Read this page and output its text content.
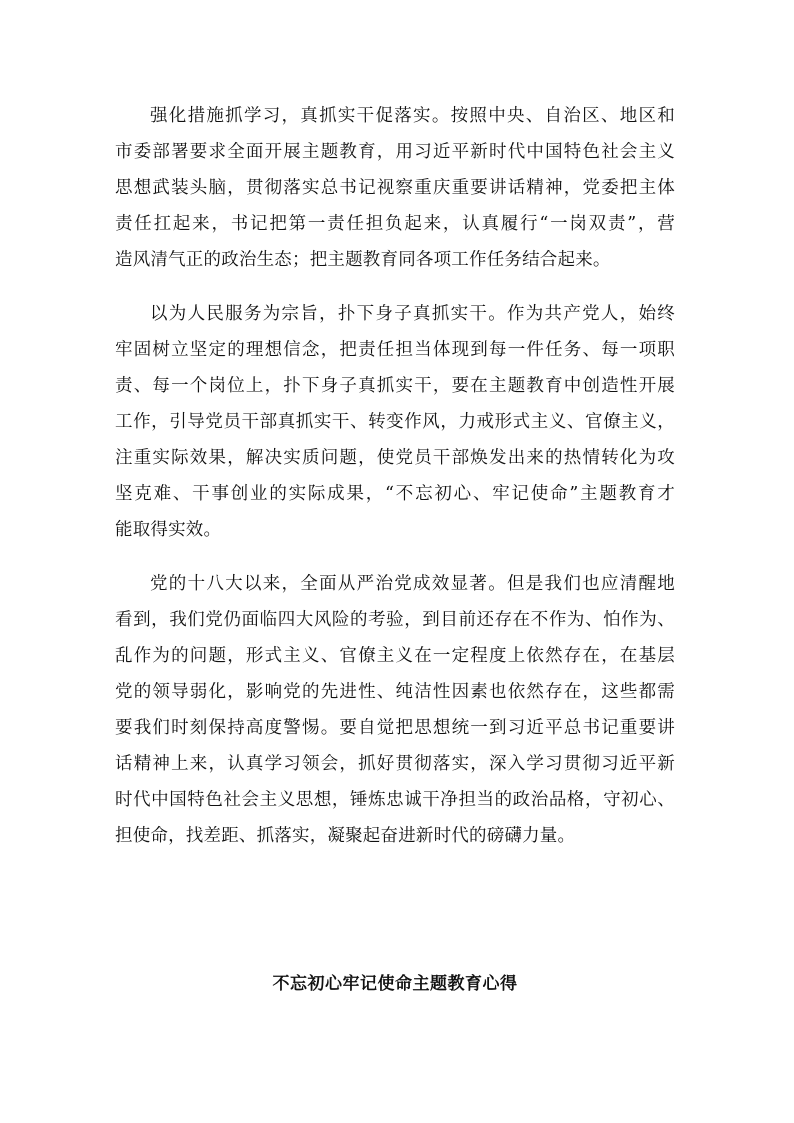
强化措施抓学习，真抓实干促落实。按照中央、自治区、地区和
市委部署要求全面开展主题教育，用习近平新时代中国特色社会主义
思想武装头脑，贯彻落实总书记视察重庆重要讲话精神，党委把主体
责任扛起来，书记把第一责任担负起来，认真履行“一岗双责”，营
造风清气正的政治生态；把主题教育同各项工作任务结合起来。
以为人民服务为宗旨，扑下身子真抓实干。作为共产党人，始终
牢固树立坚定的理想信念，把责任担当体现到每一件任务、每一项职
责、每一个岗位上，扑下身子真抓实干，要在主题教育中创造性开展
工作，引导党员干部真抓实干、转变作风，力戒形式主义、官僚主义，
注重实际效果，解决实质问题，使党员干部焕发出来的热情转化为攻
坚克难、干事创业的实际成果，“不忘初心、牢记使命”主题教育才
能取得实效。
党的十八大以来，全面从严治党成效显著。但是我们也应清醒地
看到，我们党仍面临四大风险的考验，到目前还存在不作为、怕作为、
乱作为的问题，形式主义、官僚主义在一定程度上依然存在，在基层
党的领导弱化，影响党的先进性、纯洁性因素也依然存在，这些都需
要我们时刻保持高度警惕。要自觉把思想统一到习近平总书记重要讲
话精神上来，认真学习领会，抓好贯彻落实，深入学习贯彻习近平新
时代中国特色社会主义思想，锤炼忠诚干净担当的政治品格，守初心、
担使命，找差距、抓落实，凝聚起奋进新时代的磅礴力量。
不忘初心牢记使命主题教育心得
